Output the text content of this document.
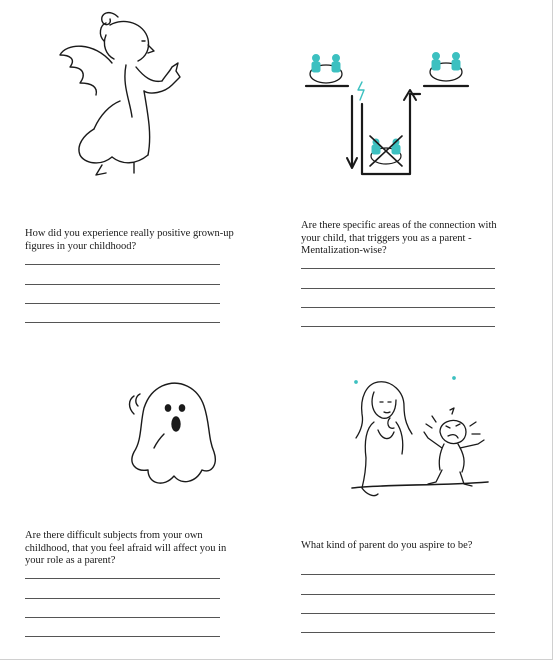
How did you experience really positive grown-up figures in your childhood?

Are there specific areas of the connection with your child, that triggers you as a parent - Mentalization-wise?

Are there difficult subjects from your own childhood, that you feel afraid will affect you in your role as a parent?

What kind of parent do you aspire to be?
